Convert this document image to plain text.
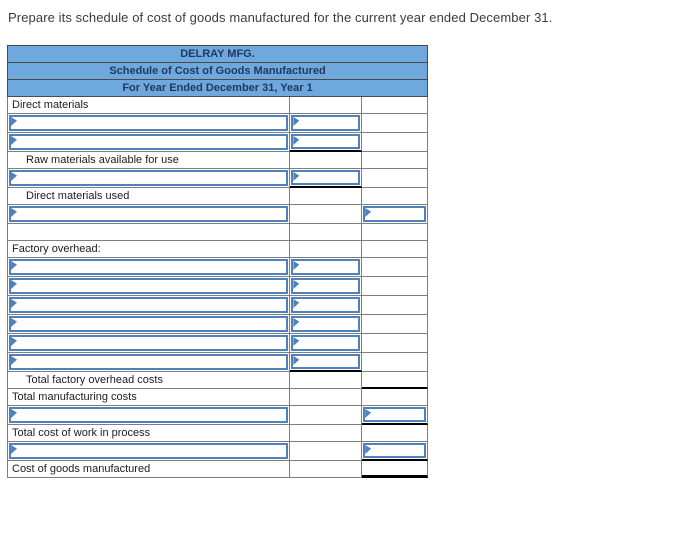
Prepare its schedule of cost of goods manufactured for the current year ended December 31.
DELRAY MFG.
Schedule of Cost of Goods Manufactured
For Year Ended December 31, Year 1
Direct materials
Raw materials available for use
Direct materials used
Factory overhead:
Total factory overhead costs
Total manufacturing costs
Total cost of work in process
Cost of goods manufactured
